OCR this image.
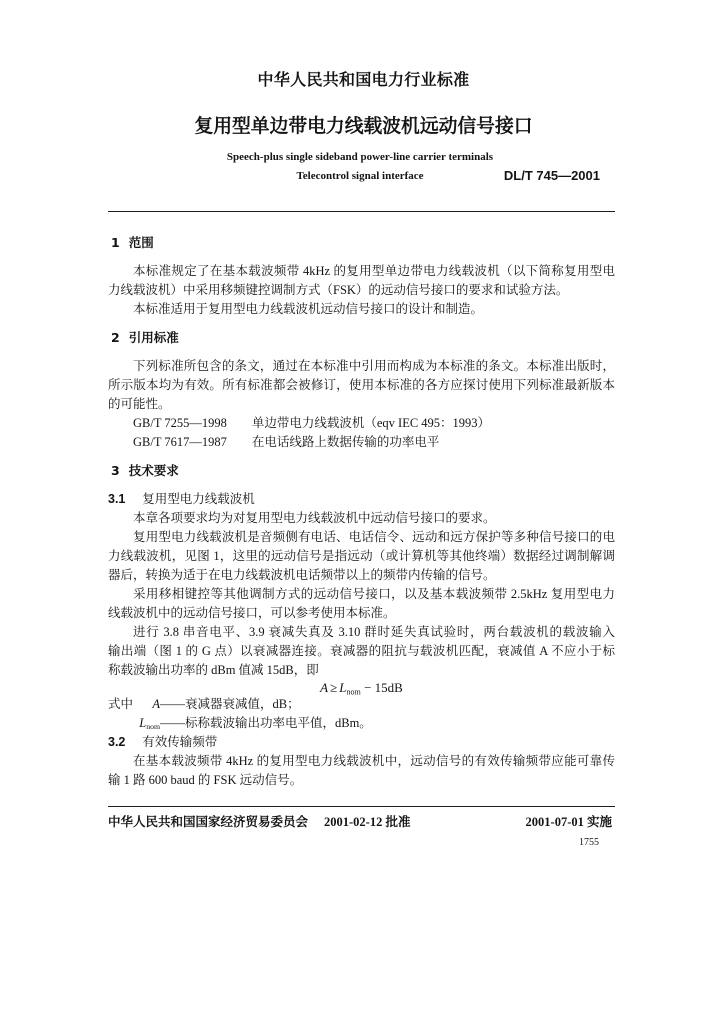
中华人民共和国电力行业标准
复用型单边带电力线载波机远动信号接口
Speech-plus single sideband power-line carrier terminals
Telecontrol signal interface	DL/T 745—2001
1 范围
本标准规定了在基本载波频带 4kHz 的复用型单边带电力线载波机（以下简称复用型电
力线载波机）中采用移频键控调制方式（FSK）的远动信号接口的要求和试验方法。
本标准适用于复用型电力线载波机远动信号接口的设计和制造。
2 引用标准
下列标准所包含的条文，通过在本标准中引用而构成为本标准的条文。本标准出版时，
所示版本均为有效。所有标准都会被修订，使用本标准的各方应探讨使用下列标准最新版本
的可能性。
GB/T 7255—1998 单边带电力线载波机（eqv IEC 495：1993）
GB/T 7617—1987 在电话线路上数据传输的功率电平
3 技术要求
3.1 复用型电力线载波机
本章各项要求均为对复用型电力线载波机中远动信号接口的要求。
复用型电力线载波机是音频侧有电话、电话信令、远动和远方保护等多种信号接口的电
力线载波机，见图 1，这里的远动信号是指远动（或计算机等其他终端）数据经过调制解调
器后，转换为适于在电力线载波机电话频带以上的频带内传输的信号。
采用移相键控等其他调制方式的远动信号接口，以及基本载波频带 2.5kHz 复用型电力
线载波机中的远动信号接口，可以参考使用本标准。
进行 3.8 串音电平、3.9 衰减失真及 3.10 群时延失真试验时，两台载波机的载波输入
输出端（图 1 的 G 点）以衰减器连接。衰减器的阻抗与载波机匹配，衰减值 A 不应小于标
称载波输出功率的 dBm 值减 15dB，即
$A \ge L_{nom} - 15dB$
式中 A——衰减器衰减值，dB；
$L_{nom}——$标称载波输出功率电平值，dBm。
3.2 有效传输频带
在基本载波频带 4kHz 的复用型电力线载波机中，远动信号的有效传输频带应能可靠传
输 1 路 600 baud 的 FSK 远动信号。
中华人民共和国国家经济贸易委员会 2001-02-12 批准	2001-07-01 实施
1755
